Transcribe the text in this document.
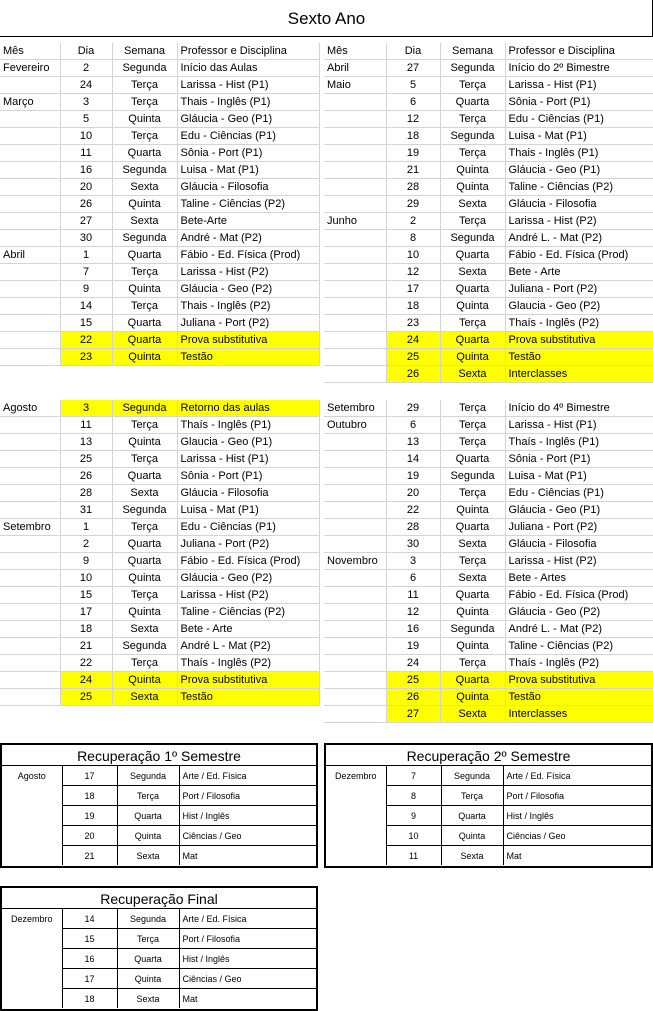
Sexto Ano
Mês	Dia	Semana	Professor e Disciplina
Fevereiro	2	Segunda	Início das Aulas
	24	Terça	Larissa - Hist (P1)
Março	3	Terça	Thais - Inglês (P1)
	5	Quinta	Gláucia - Geo (P1)
	10	Terça	Edu - Ciências (P1)
	11	Quarta	Sônia - Port (P1)
	16	Segunda	Luisa - Mat (P1)
	20	Sexta	Gláucia - Filosofia
	26	Quinta	Taline - Ciências (P2)
	27	Sexta	Bete-Arte
	30	Segunda	André - Mat (P2)
Abril	1	Quarta	Fábio - Ed. Física (Prod)
	7	Terça	Larissa - Hist (P2)
	9	Quinta	Gláucia - Geo (P2)
	14	Terça	Thais - Inglês (P2)
	15	Quarta	Juliana - Port (P2)
	22	Quarta	Prova substitutiva
	23	Quinta	Testão
Mês	Dia	Semana	Professor e Disciplina
Abril	27	Segunda	Início do 2º Bimestre
Maio	5	Terça	Larissa - Hist (P1)
	6	Quarta	Sônia - Port (P1)
	12	Terça	Edu - Ciências (P1)
	18	Segunda	Luisa - Mat (P1)
	19	Terça	Thais - Inglês (P1)
	21	Quinta	Gláucia - Geo (P1)
	28	Quinta	Taline - Ciências (P2)
	29	Sexta	Gláucia - Filosofia
Junho	2	Terça	Larissa - Hist (P2)
	8	Segunda	André L. - Mat (P2)
	10	Quarta	Fábio - Ed. Física (Prod)
	12	Sexta	Bete - Arte
	17	Quarta	Juliana - Port (P2)
	18	Quinta	Glaucia - Geo (P2)
	23	Terça	Thaís - Inglês (P2)
	24	Quarta	Prova substitutiva
	25	Quinta	Testão
	26	Sexta	Interclasses
Agosto	3	Segunda	Retorno das aulas
	11	Terça	Thaís - Inglês (P1)
	13	Quinta	Glaucia - Geo (P1)
	25	Terça	Larissa - Hist (P1)
	26	Quarta	Sônia - Port (P1)
	28	Sexta	Gláucia - Filosofia
	31	Segunda	Luisa - Mat (P1)
Setembro	1	Terça	Edu - Ciências (P1)
	2	Quarta	Juliana - Port (P2)
	9	Quarta	Fábio - Ed. Física (Prod)
	10	Quinta	Gláucia - Geo (P2)
	15	Terça	Larissa - Hist (P2)
	17	Quinta	Taline - Ciências (P2)
	18	Sexta	Bete - Arte
	21	Segunda	André L - Mat (P2)
	22	Terça	Thaís - Inglês (P2)
	24	Quinta	Prova substitutiva
	25	Sexta	Testão
Setembro	29	Terça	Início do 4º Bimestre
Outubro	6	Terça	Larissa - Hist (P1)
	13	Terça	Thaís - Inglês (P1)
	14	Quarta	Sônia - Port (P1)
	19	Segunda	Luisa - Mat (P1)
	20	Terça	Edu - Ciências (P1)
	22	Quinta	Gláucia - Geo (P1)
	28	Quarta	Juliana - Port (P2)
	30	Sexta	Gláucia - Filosofia
Novembro	3	Terça	Larissa - Hist (P2)
	6	Sexta	Bete - Artes
	11	Quarta	Fábio - Ed. Física (Prod)
	12	Quinta	Gláucia - Geo (P2)
	16	Segunda	André L. - Mat (P2)
	19	Quinta	Taline - Ciências (P2)
	24	Terça	Thaís - Inglês (P2)
	25	Quarta	Prova substitutiva
	26	Quinta	Testão
	27	Sexta	Interclasses
Recuperação 1º Semestre
Agosto	17	Segunda	Arte / Ed. Física
	18	Terça	Port / Filosofia
	19	Quarta	Hist / Inglês
	20	Quinta	Ciências / Geo
	21	Sexta	Mat
Recuperação 2º Semestre
Dezembro	7	Segunda	Arte / Ed. Física
	8	Terça	Port / Filosofia
	9	Quarta	Hist / Inglês
	10	Quinta	Ciências / Geo
	11	Sexta	Mat
Recuperação Final
Dezembro	14	Segunda	Arte / Ed. Física
	15	Terça	Port / Filosofia
	16	Quarta	Hist / Inglês
	17	Quinta	Ciências / Geo
	18	Sexta	Mat
